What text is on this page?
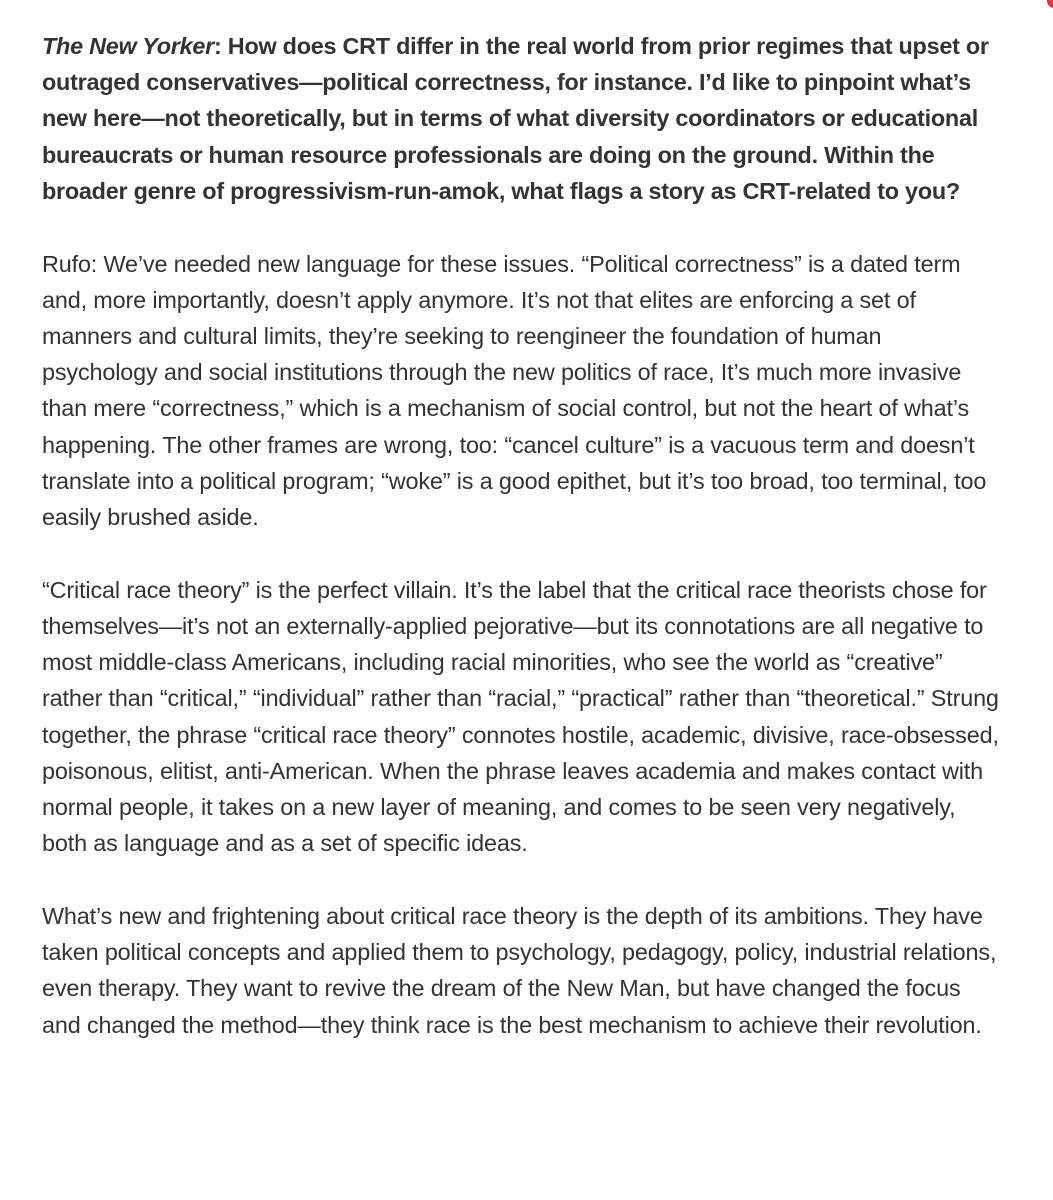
The New Yorker: How does CRT differ in the real world from prior regimes that upset or outraged conservatives—political correctness, for instance. I’d like to pinpoint what’s new here—not theoretically, but in terms of what diversity coordinators or educational bureaucrats or human resource professionals are doing on the ground. Within the broader genre of progressivism-run-amok, what flags a story as CRT-related to you?

Rufo: We’ve needed new language for these issues. “Political correctness” is a dated term and, more importantly, doesn’t apply anymore. It’s not that elites are enforcing a set of manners and cultural limits, they’re seeking to reengineer the foundation of human psychology and social institutions through the new politics of race, It’s much more invasive than mere “correctness,” which is a mechanism of social control, but not the heart of what’s happening. The other frames are wrong, too: “cancel culture” is a vacuous term and doesn’t translate into a political program; “woke” is a good epithet, but it’s too broad, too terminal, too easily brushed aside.

“Critical race theory” is the perfect villain. It’s the label that the critical race theorists chose for themselves—it’s not an externally-applied pejorative—but its connotations are all negative to most middle-class Americans, including racial minorities, who see the world as “creative” rather than “critical,” “individual” rather than “racial,” “practical” rather than “theoretical.” Strung together, the phrase “critical race theory” connotes hostile, academic, divisive, race-obsessed, poisonous, elitist, anti-American. When the phrase leaves academia and makes contact with normal people, it takes on a new layer of meaning, and comes to be seen very negatively, both as language and as a set of specific ideas.

What’s new and frightening about critical race theory is the depth of its ambitions. They have taken political concepts and applied them to psychology, pedagogy, policy, industrial relations, even therapy. They want to revive the dream of the New Man, but have changed the focus and changed the method—they think race is the best mechanism to achieve their revolution.
